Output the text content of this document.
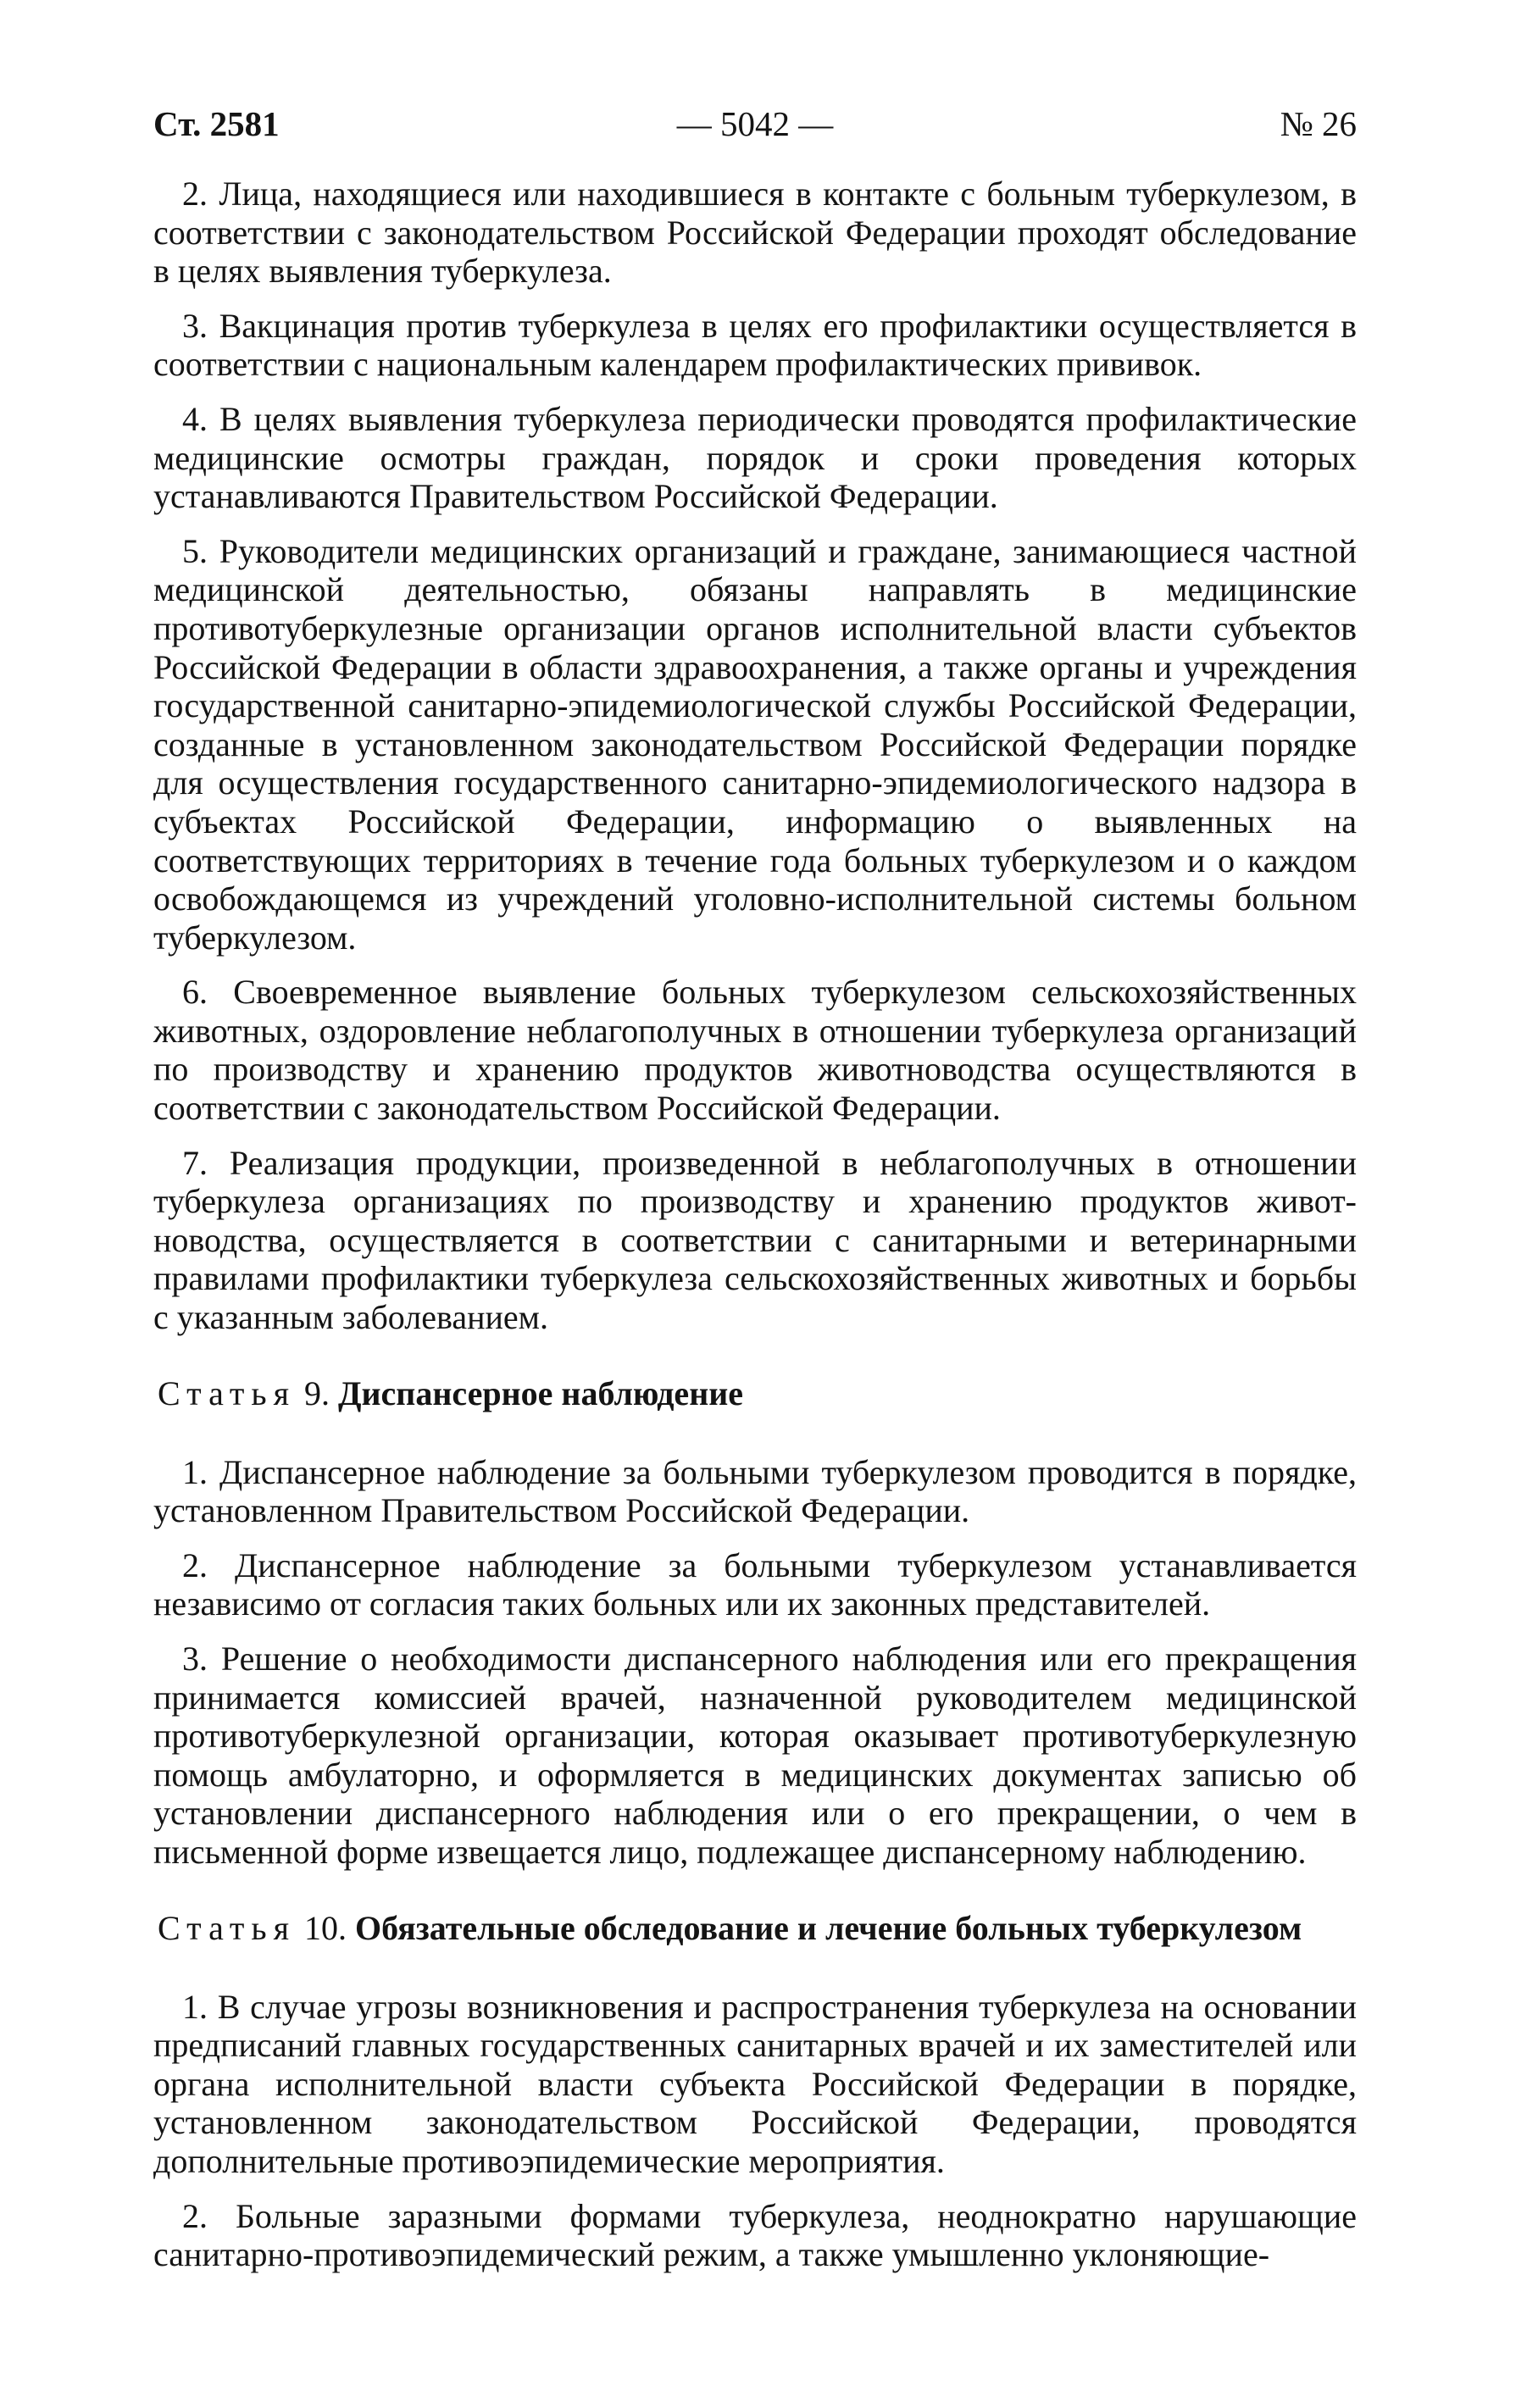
Ст. 2581	— 5042 —	№ 26

2. Лица, находящиеся или находившиеся в контакте с больным туберкулезом, в соответствии с законодательством Российской Федерации проходят обследование в целях выявления туберкулеза.

3. Вакцинация против туберкулеза в целях его профилактики осуществляется в соответствии с национальным календарем профилактических прививок.

4. В целях выявления туберкулеза периодически проводятся профилактические медицинские осмотры граждан, порядок и сроки проведения которых устанавливаются Правительством Российской Федерации.

5. Руководители медицинских организаций и граждане, занимающиеся частной медицинской деятельностью, обязаны направлять в медицинские противотуберкулезные организации органов исполнительной власти субъектов Российской Федерации в области здравоохранения, а также органы и учреждения государственной санитарно-эпидемиологической службы Российской Федерации, созданные в установленном законодательством Российской Федерации порядке для осуществления государственного санитарно-эпидемиологического надзора в субъектах Российской Федерации, информацию о выявленных на соответствующих территориях в течение года больных туберкулезом и о каждом освобождающемся из учреждений уголовно-исполнительной системы больном туберкулезом.

6. Своевременное выявление больных туберкулезом сельскохозяйственных животных, оздоровление неблагополучных в отношении туберкулеза организаций по производству и хранению продуктов животноводства осуществляются в соответствии с законодательством Российской Федерации.

7. Реализация продукции, произведенной в неблагополучных в отношении туберкулеза организациях по производству и хранению продуктов животноводства, осуществляется в соответствии с санитарными и ветеринарными правилами профилактики туберкулеза сельскохозяйственных животных и борьбы с указанным заболеванием.

Статья 9. Диспансерное наблюдение

1. Диспансерное наблюдение за больными туберкулезом проводится в порядке, установленном Правительством Российской Федерации.

2. Диспансерное наблюдение за больными туберкулезом устанавливается независимо от согласия таких больных или их законных представителей.

3. Решение о необходимости диспансерного наблюдения или его прекращения принимается комиссией врачей, назначенной руководителем медицинской противотуберкулезной организации, которая оказывает противотуберкулезную помощь амбулаторно, и оформляется в медицинских документах записью об установлении диспансерного наблюдения или о его прекращении, о чем в письменной форме извещается лицо, подлежащее диспансерному наблюдению.

Статья 10. Обязательные обследование и лечение больных туберкулезом

1. В случае угрозы возникновения и распространения туберкулеза на основании предписаний главных государственных санитарных врачей и их заместителей или органа исполнительной власти субъекта Российской Федерации в порядке, установленном законодательством Российской Федерации, проводятся дополнительные противоэпидемические мероприятия.

2. Больные заразными формами туберкулеза, неоднократно нарушающие санитарно-противоэпидемический режим, а также умышленно уклоняющие-
